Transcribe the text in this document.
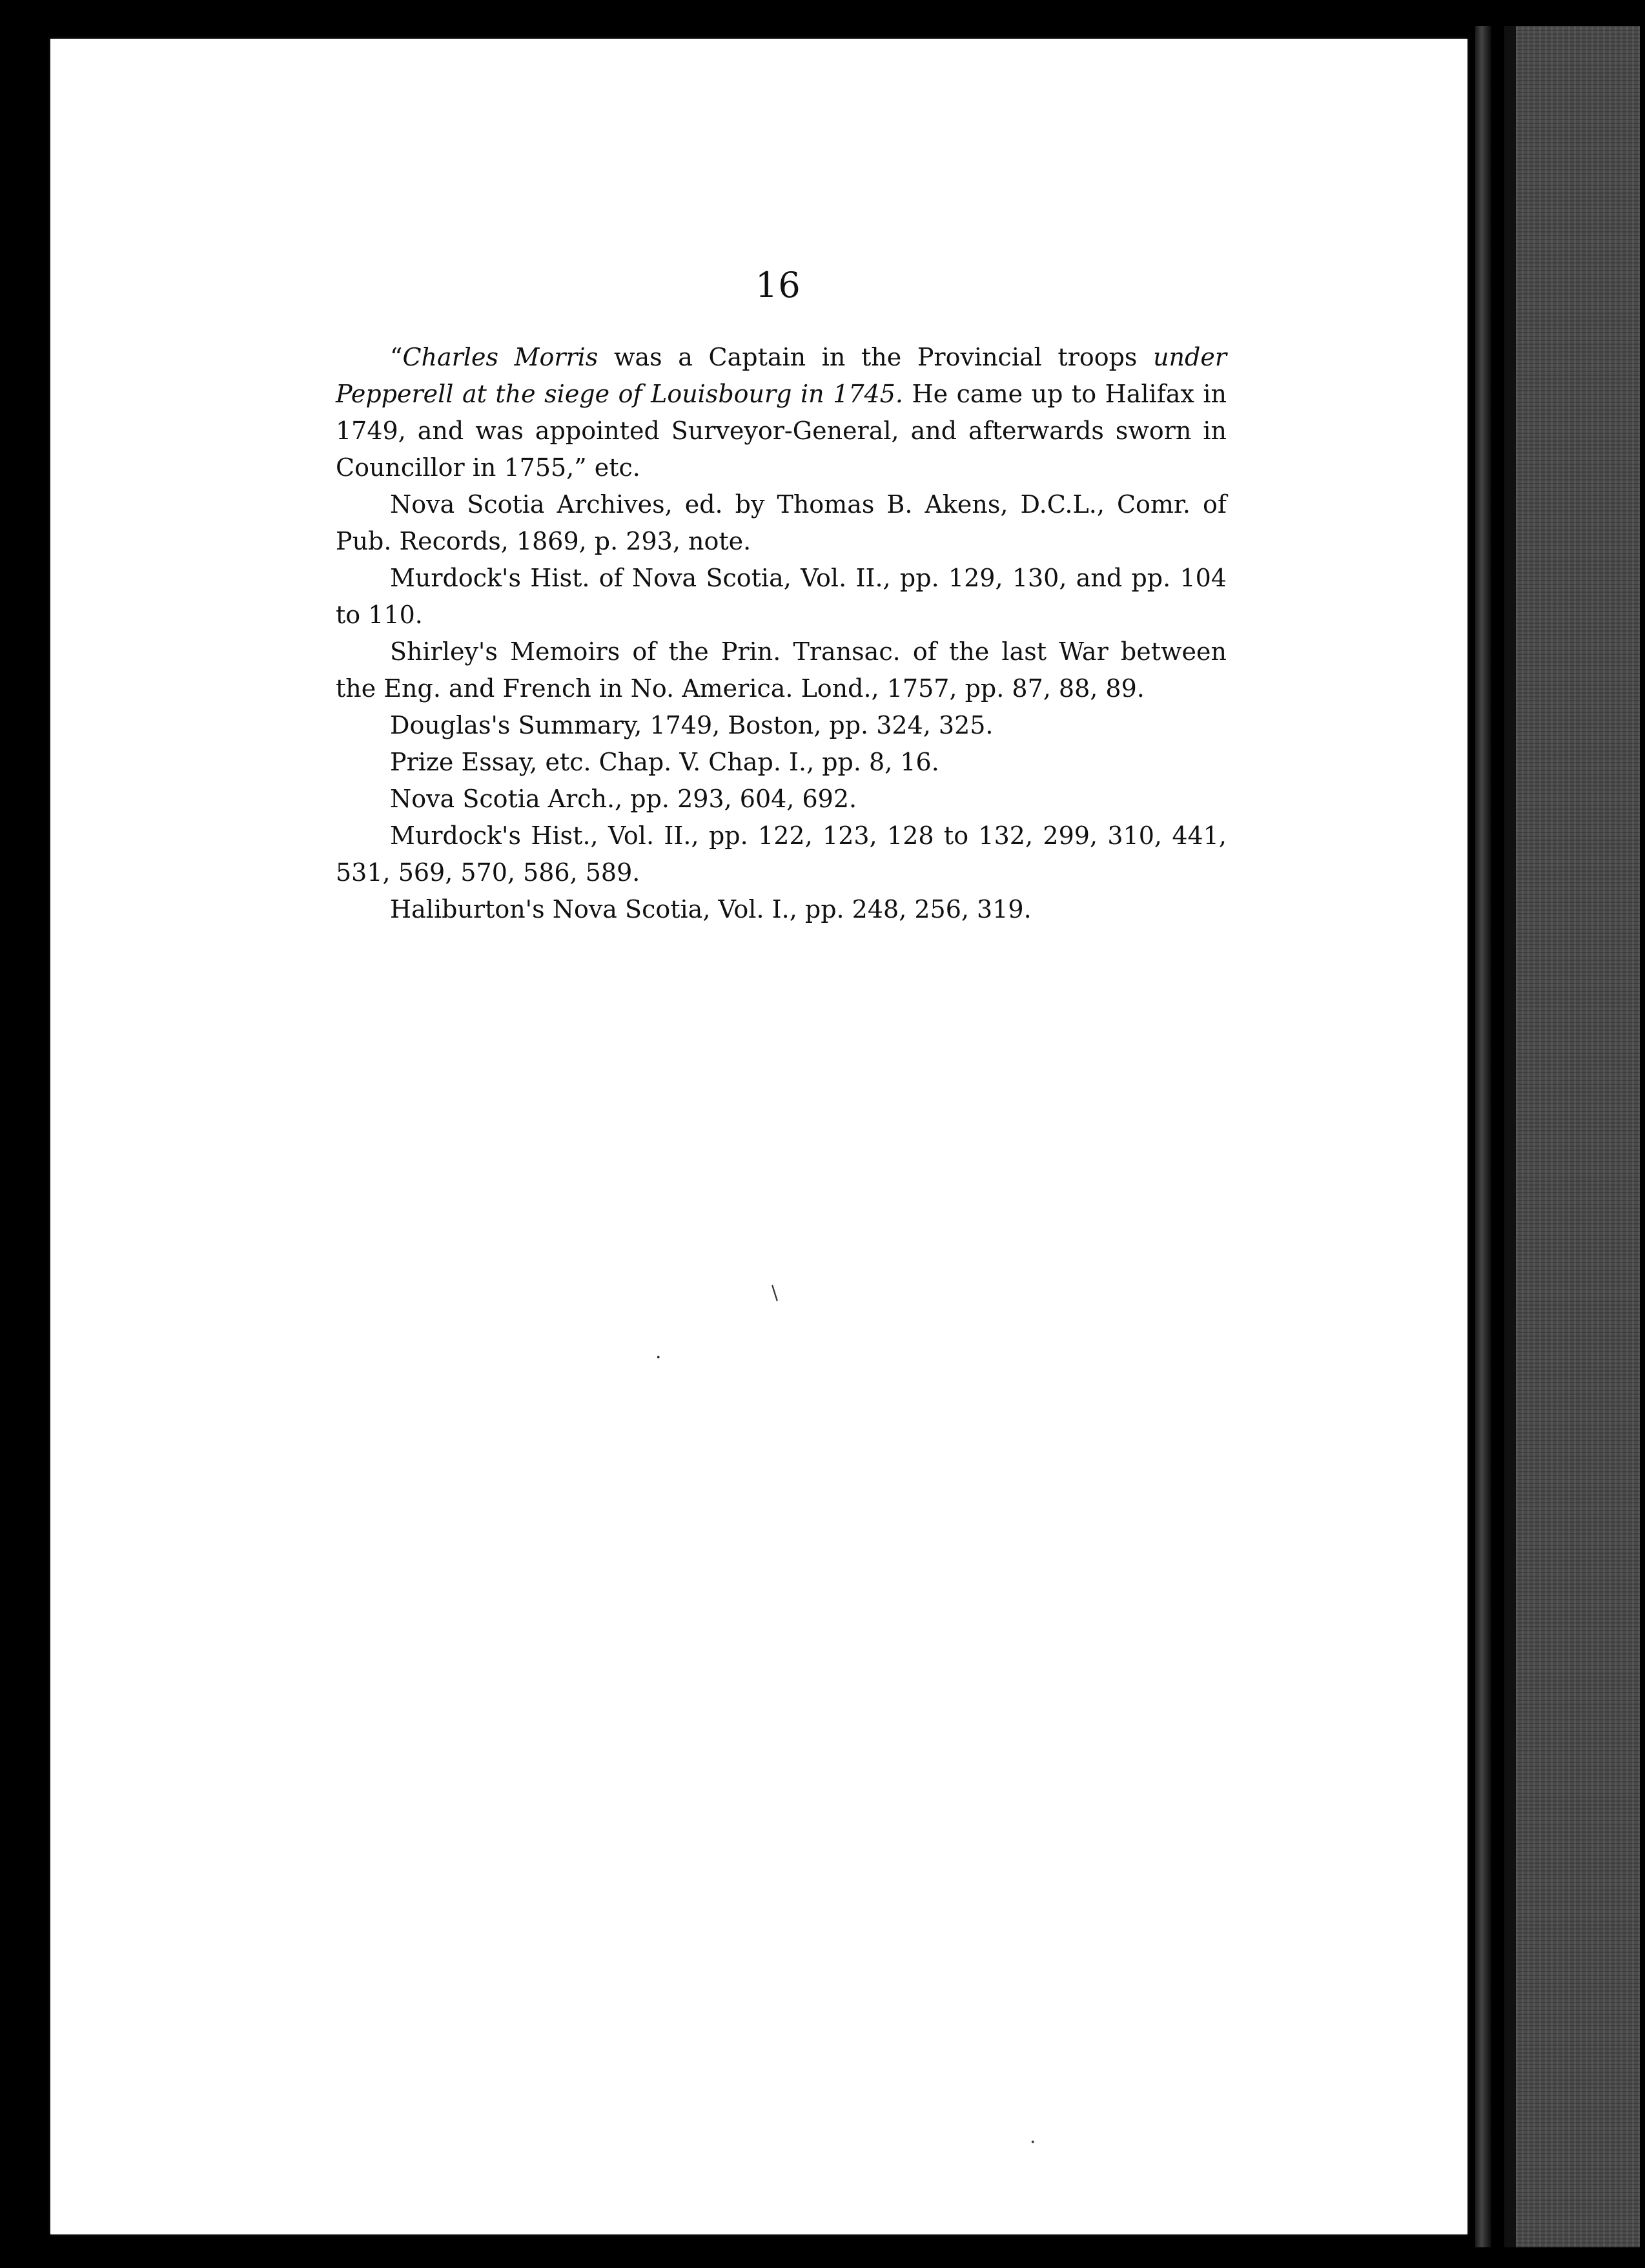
16

“Charles Morris was a Captain in the Provincial troops under Pepperell at the siege of Louisbourg in 1745. He came up to Halifax in 1749, and was appointed Surveyor-General, and afterwards sworn in Councillor in 1755,” etc.

Nova Scotia Archives, ed. by Thomas B. Akens, D.C.L., Comr. of Pub. Records, 1869, p. 293, note.

Murdock's Hist. of Nova Scotia, Vol. II., pp. 129, 130, and pp. 104 to 110.

Shirley's Memoirs of the Prin. Transac. of the last War between the Eng. and French in No. America. Lond., 1757, pp. 87, 88, 89.

Douglas's Summary, 1749, Boston, pp. 324, 325.

Prize Essay, etc. Chap. V. Chap. I., pp. 8, 16.

Nova Scotia Arch., pp. 293, 604, 692.

Murdock's Hist., Vol. II., pp. 122, 123, 128 to 132, 299, 310, 441, 531, 569, 570, 586, 589.

Haliburton's Nova Scotia, Vol. I., pp. 248, 256, 319.

/
·
·
